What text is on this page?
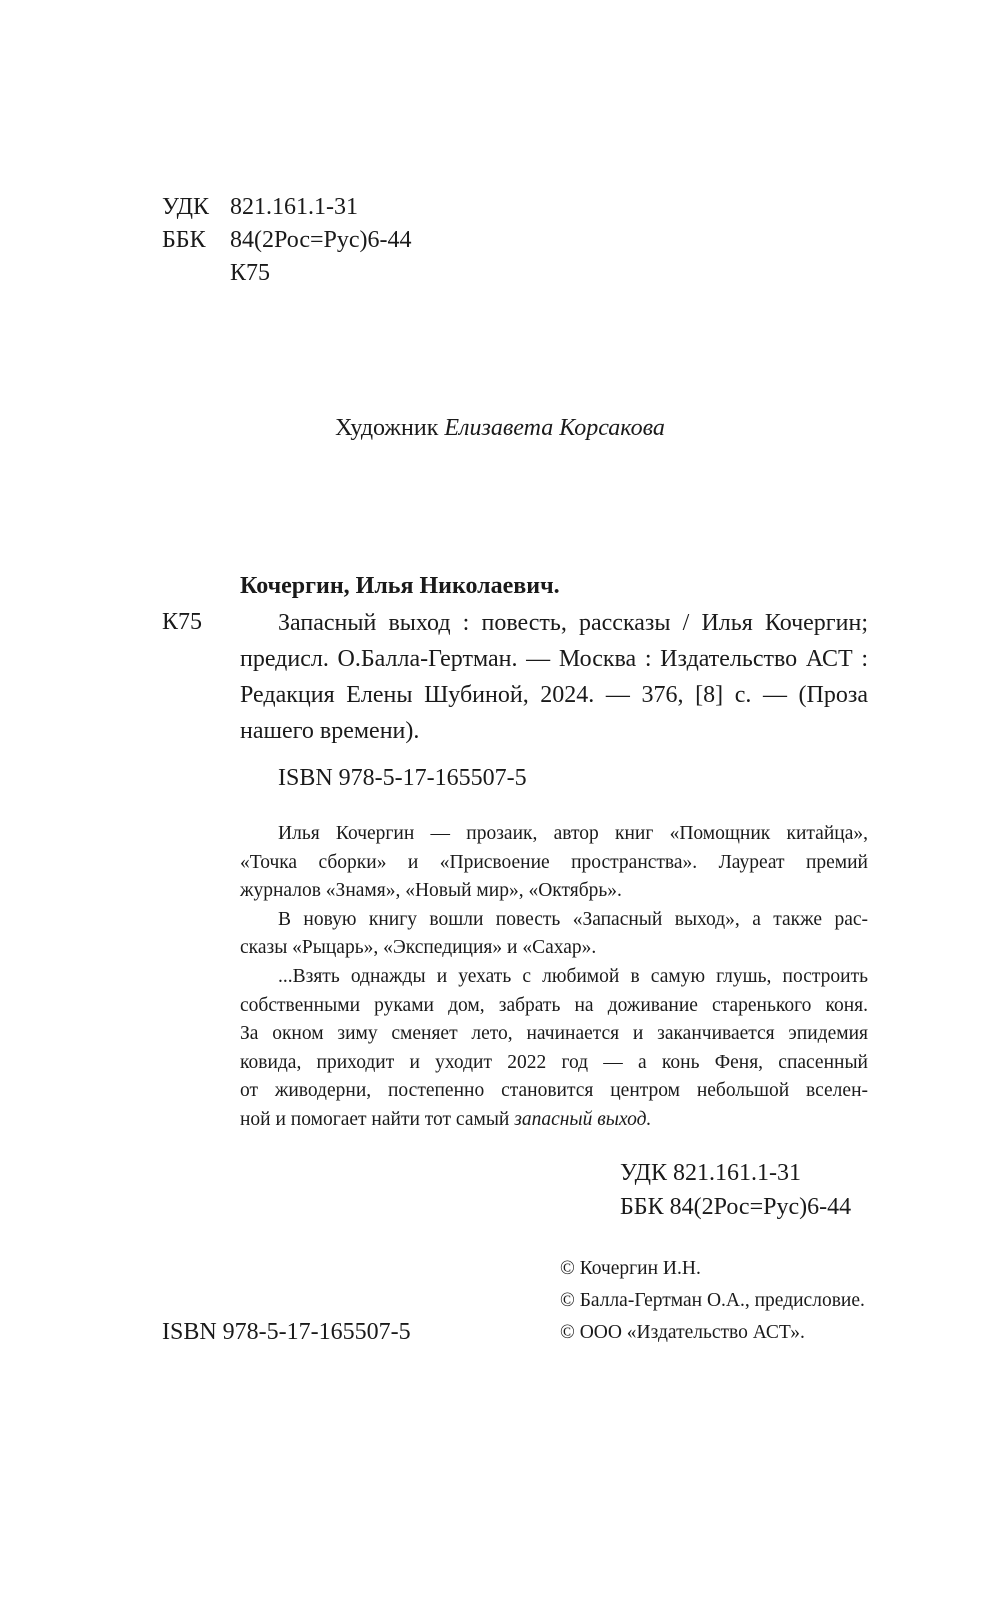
УДК 821.161.1-31
ББК	84(2Рос=Рус)6-44
К75
Художник Елизавета Корсакова
Кочергин, Илья Николаевич.
К75	Запасный выход : повесть, рассказы / Илья Кочергин;
предисл. О.Балла-Гертман. — Москва : Издательство АСТ :
Редакция Елены Шубиной, 2024. — 376, [8] с. — (Проза
нашего времени).
ISBN 978-5-17-165507-5
Илья Кочергин — прозаик, автор книг «Помощник китайца»,
«Точка сборки» и «Присвоение пространства». Лауреат премий
журналов «Знамя», «Новый мир», «Октябрь».
В новую книгу вошли повесть «Запасный выход», а также рас-
сказы «Рыцарь», «Экспедиция» и «Сахар».
...Взять однажды и уехать с любимой в самую глушь, построить
собственными руками дом, забрать на доживание старенького коня.
За окном зиму сменяет лето, начинается и заканчивается эпидемия
ковида, приходит и уходит 2022 год — а конь Феня, спасенный
от живодерни, постепенно становится центром небольшой вселен-
ной и помогает найти тот самый запасный выход.
УДК 821.161.1-31
ББК 84(2Рос=Рус)6-44
ISBN 978-5-17-165507-5
© Кочергин И.Н.
© Балла-Гертман О.А., предисловие.
© ООО «Издательство АСТ».
